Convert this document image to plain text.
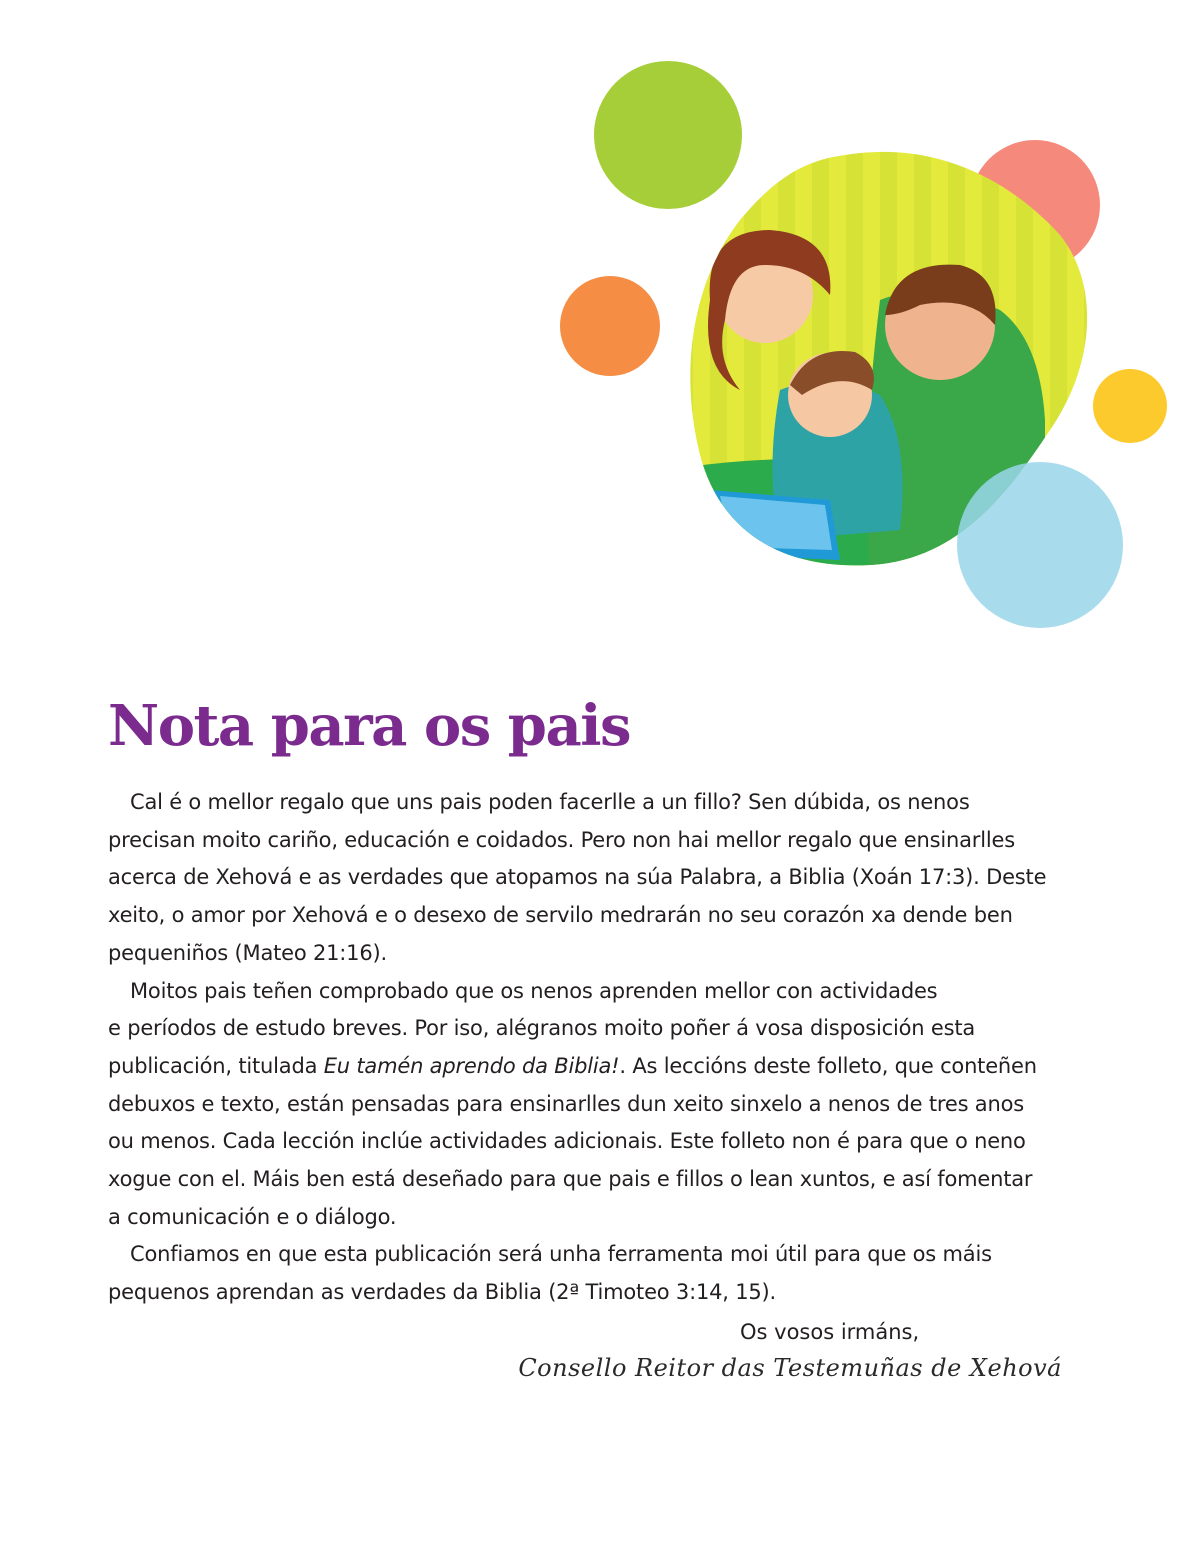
Nota para os pais

Cal é o mellor regalo que uns pais poden facerlle a un fillo? Sen dúbida, os nenos
precisan moito cariño, educación e coidados. Pero non hai mellor regalo que ensinarlles
acerca de Xehová e as verdades que atopamos na súa Palabra, a Biblia (Xoán 17:3). Deste
xeito, o amor por Xehová e o desexo de servilo medrarán no seu corazón xa dende ben
pequeniños (Mateo 21:16).

Moitos pais teñen comprobado que os nenos aprenden mellor con actividades
e períodos de estudo breves. Por iso, alégranos moito poñer á vosa disposición esta
publicación, titulada Eu tamén aprendo da Biblia!. As leccións deste folleto, que conteñen
debuxos e texto, están pensadas para ensinarlles dun xeito sinxelo a nenos de tres anos
ou menos. Cada lección inclúe actividades adicionais. Este folleto non é para que o neno
xogue con el. Máis ben está deseñado para que pais e fillos o lean xuntos, e así fomentar
a comunicación e o diálogo.

Confiamos en que esta publicación será unha ferramenta moi útil para que os máis
pequenos aprendan as verdades da Biblia (2ª Timoteo 3:14, 15).

Os vosos irmáns,
Consello Reitor das Testemuñas de Xehová
